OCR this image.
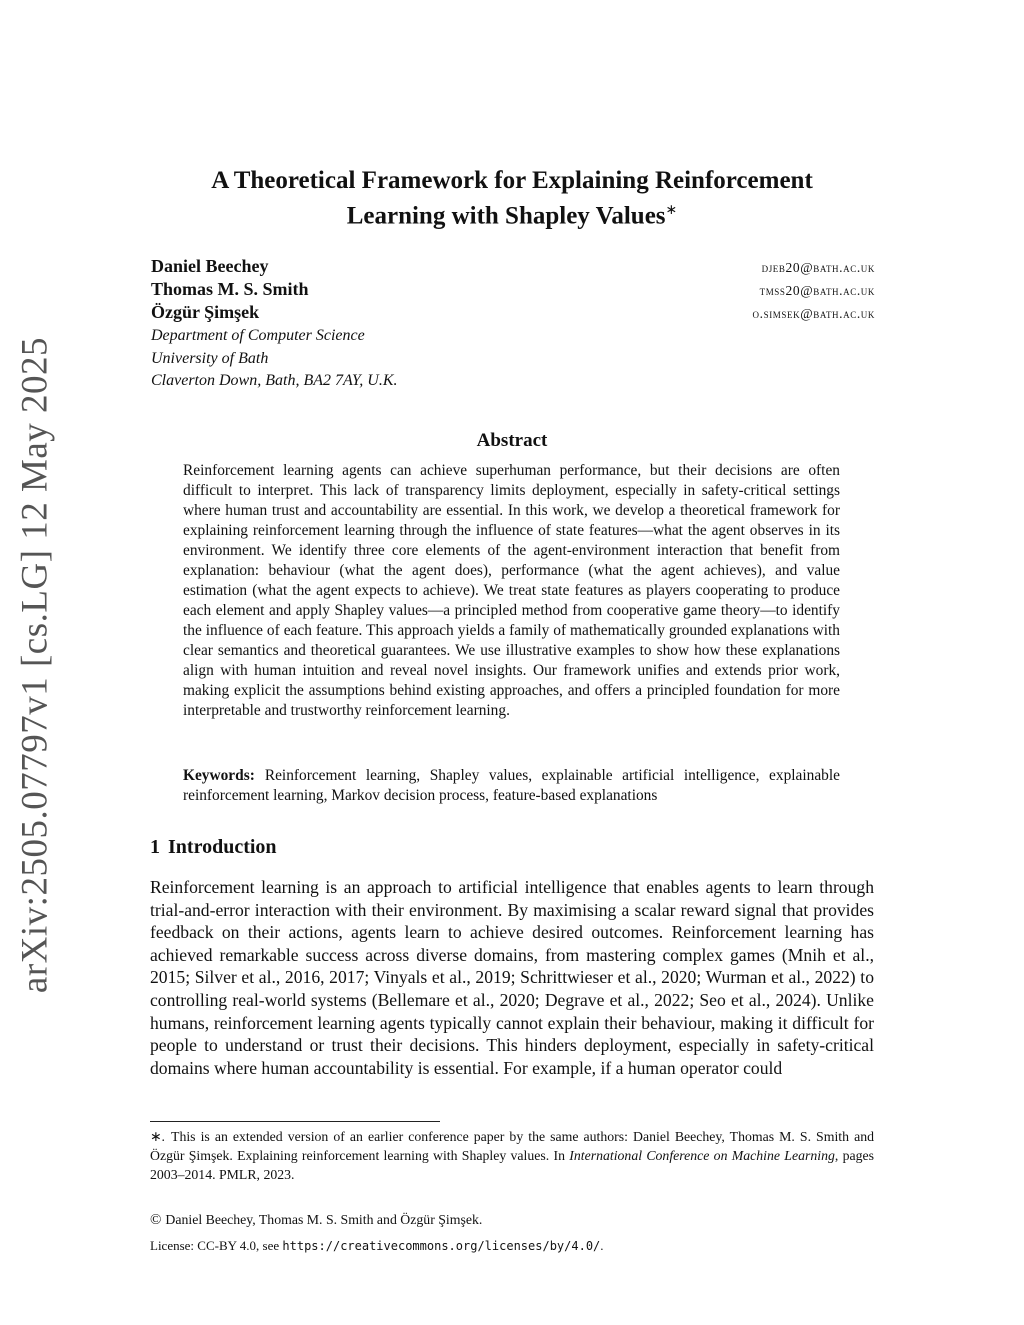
arXiv:2505.07797v1 [cs.LG] 12 May 2025
A Theoretical Framework for Explaining Reinforcement
Learning with Shapley Values∗
Daniel Beechey	djeb20@bath.ac.uk
Thomas M. S. Smith	tmss20@bath.ac.uk
Özgür Şimşek	o.simsek@bath.ac.uk
Department of Computer Science
University of Bath
Claverton Down, Bath, BA2 7AY, U.K.
Abstract
Reinforcement learning agents can achieve superhuman performance, but their decisions are often difficult to interpret. This lack of transparency limits deployment, especially in safety-critical settings where human trust and accountability are essential. In this work, we develop a theoretical framework for explaining reinforcement learning through the influence of state features—what the agent observes in its environment. We identify three core elements of the agent-environment interaction that benefit from explanation: behaviour (what the agent does), performance (what the agent achieves), and value estimation (what the agent expects to achieve). We treat state features as players cooperating to produce each element and apply Shapley values—a principled method from cooperative game theory—to identify the influence of each feature. This approach yields a family of mathematically grounded explanations with clear semantics and theoretical guarantees. We use illustrative examples to show how these explanations align with human intuition and reveal novel insights. Our framework unifies and extends prior work, making explicit the assumptions behind existing approaches, and offers a principled foundation for more interpretable and trustworthy reinforcement learning.
Keywords: Reinforcement learning, Shapley values, explainable artificial intelligence, explainable reinforcement learning, Markov decision process, feature-based explanations
1 Introduction
Reinforcement learning is an approach to artificial intelligence that enables agents to learn through trial-and-error interaction with their environment. By maximising a scalar reward signal that provides feedback on their actions, agents learn to achieve desired outcomes. Reinforcement learning has achieved remarkable success across diverse domains, from mastering complex games (Mnih et al., 2015; Silver et al., 2016, 2017; Vinyals et al., 2019; Schrittwieser et al., 2020; Wurman et al., 2022) to controlling real-world systems (Bellemare et al., 2020; Degrave et al., 2022; Seo et al., 2024). Unlike humans, reinforcement learning agents typically cannot explain their behaviour, making it difficult for people to understand or trust their decisions. This hinders deployment, especially in safety-critical domains where human accountability is essential. For example, if a human operator could
∗. This is an extended version of an earlier conference paper by the same authors: Daniel Beechey, Thomas M. S. Smith and Özgür Şimşek. Explaining reinforcement learning with Shapley values. In International Conference on Machine Learning, pages 2003–2014. PMLR, 2023.
© Daniel Beechey, Thomas M. S. Smith and Özgür Şimşek.
License: CC-BY 4.0, see https://creativecommons.org/licenses/by/4.0/.
